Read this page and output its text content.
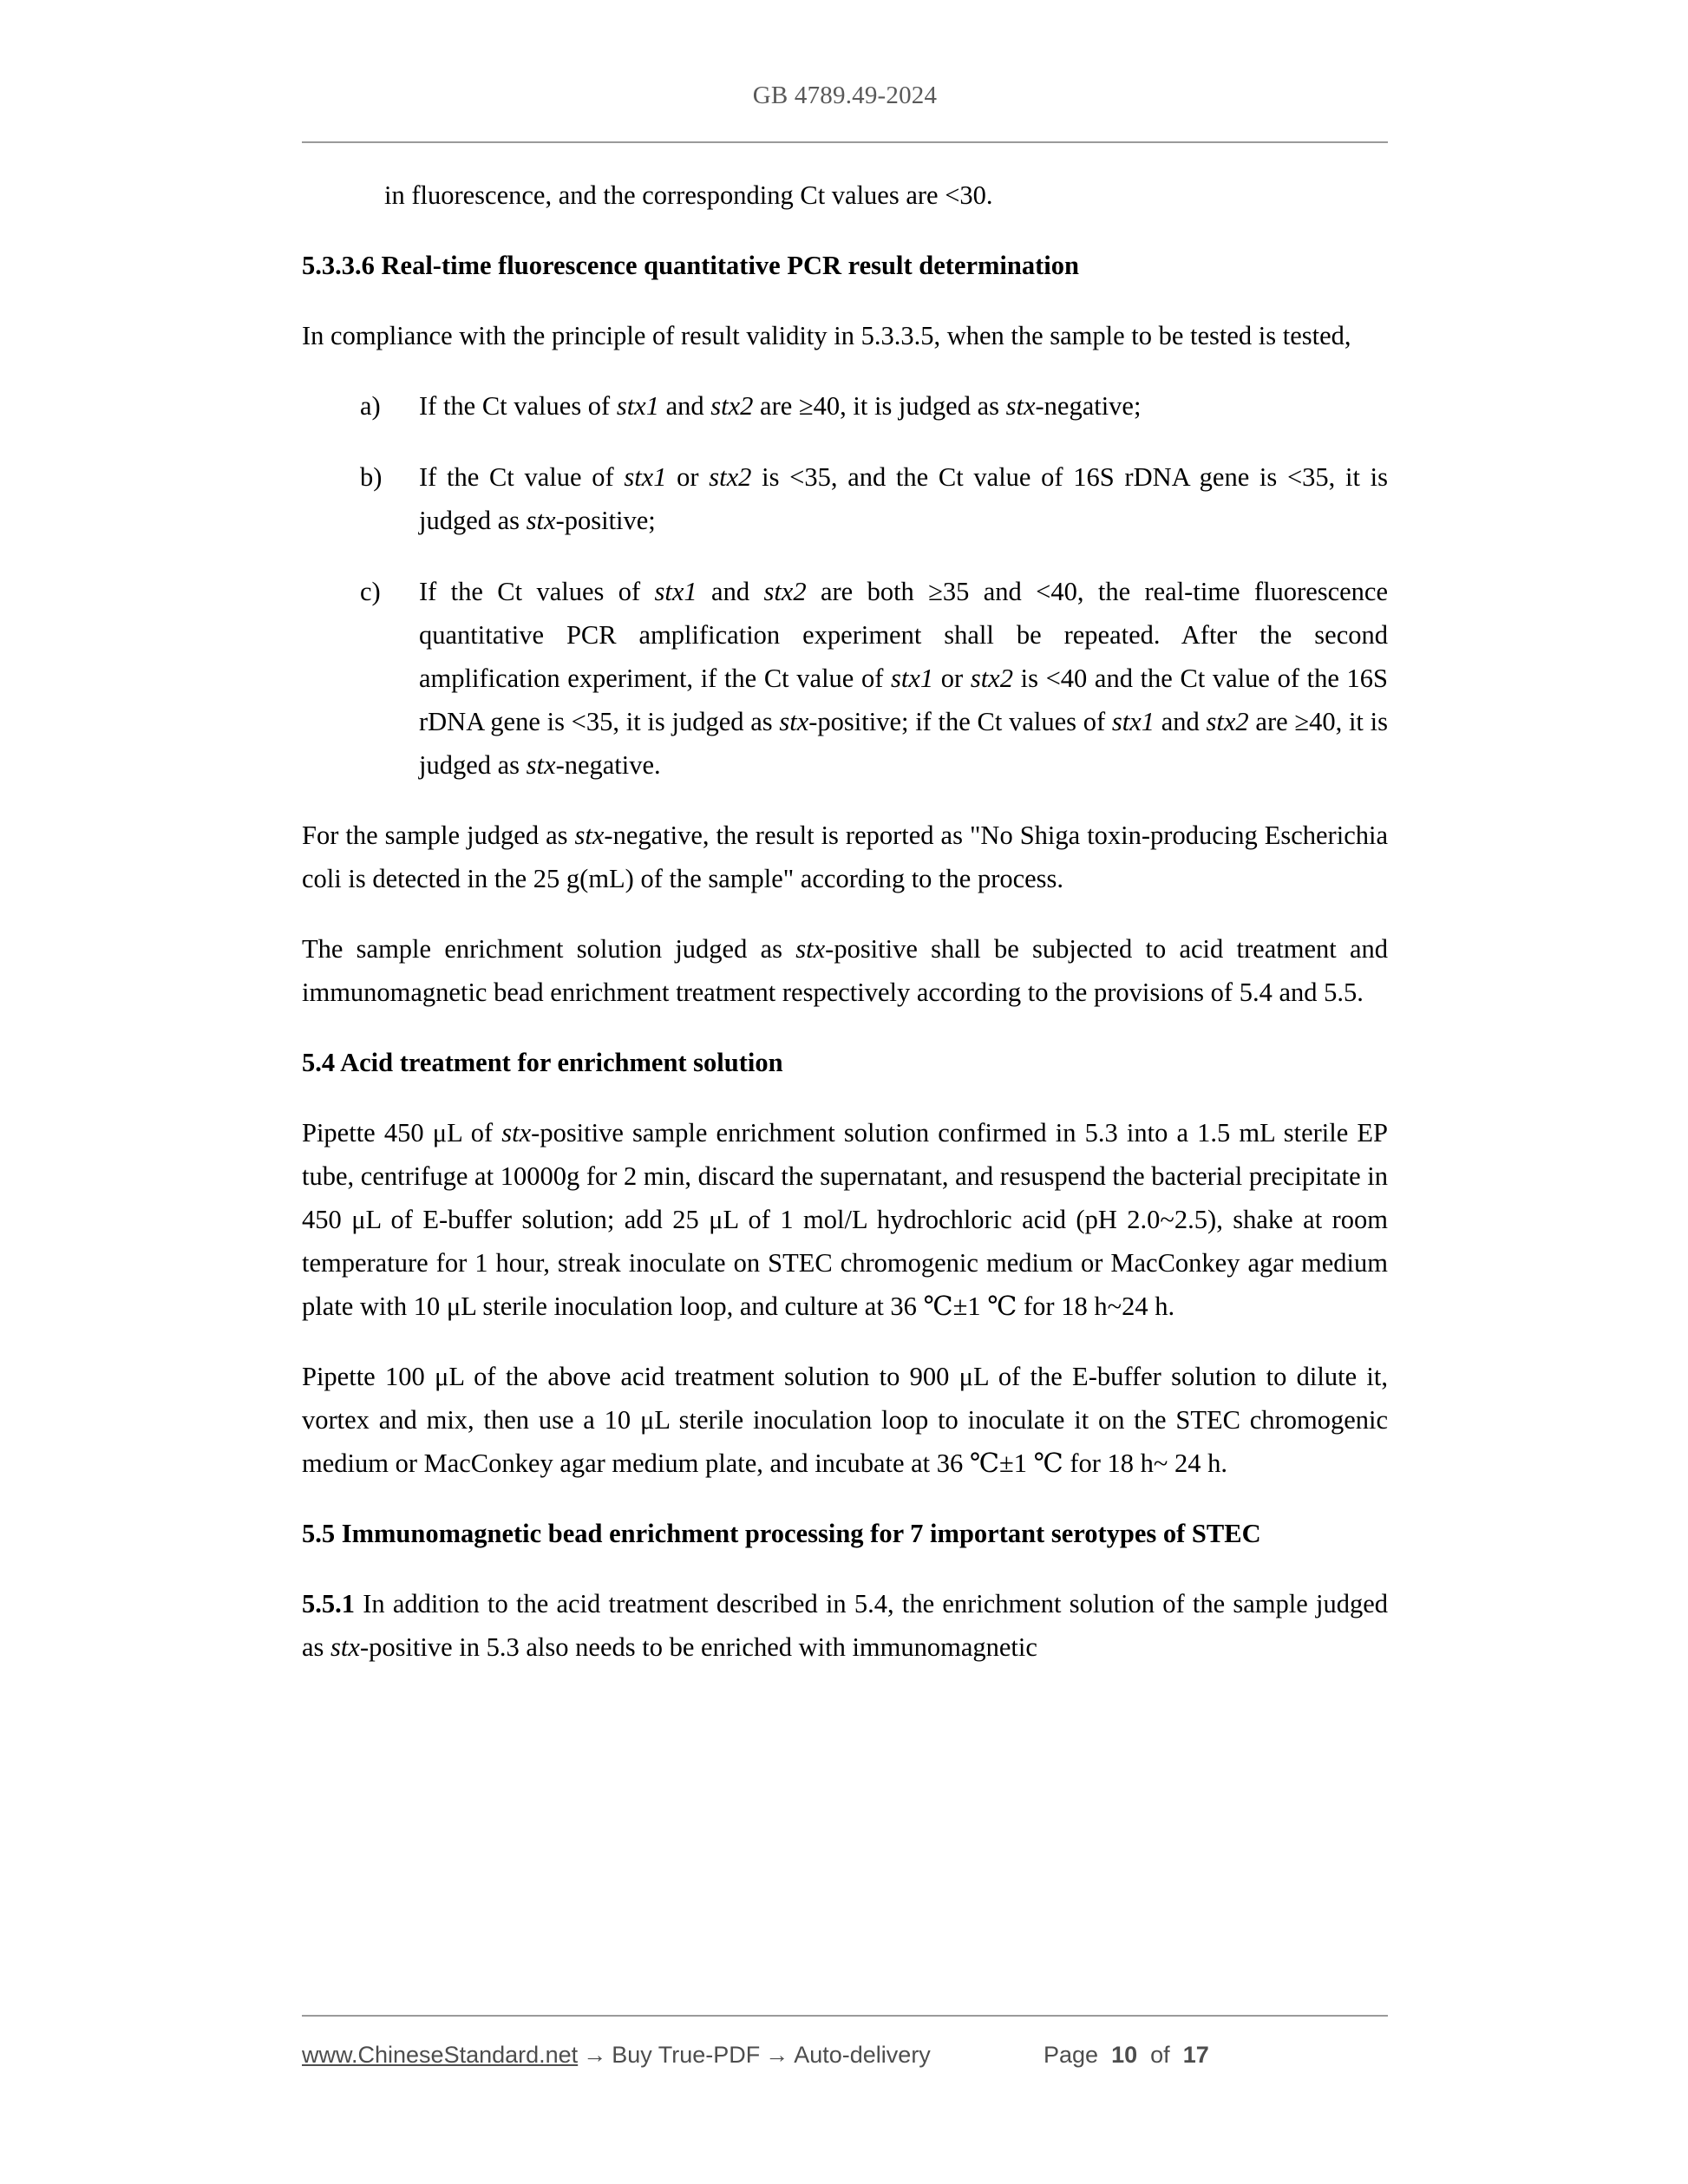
GB 4789.49-2024

in fluorescence, and the corresponding Ct values are <30.

5.3.3.6 Real-time fluorescence quantitative PCR result determination

In compliance with the principle of result validity in 5.3.3.5, when the sample to be tested is tested,

a)	If the Ct values of stx1 and stx2 are ≥40, it is judged as stx-negative;
b)	If the Ct value of stx1 or stx2 is <35, and the Ct value of 16S rDNA gene is <35, it is judged as stx-positive;
c)	If the Ct values of stx1 and stx2 are both ≥35 and <40, the real-time fluorescence quantitative PCR amplification experiment shall be repeated. After the second amplification experiment, if the Ct value of stx1 or stx2 is <40 and the Ct value of the 16S rDNA gene is <35, it is judged as stx-positive; if the Ct values of stx1 and stx2 are ≥40, it is judged as stx-negative.

For the sample judged as stx-negative, the result is reported as "No Shiga toxin-producing Escherichia coli is detected in the 25 g(mL) of the sample" according to the process.

The sample enrichment solution judged as stx-positive shall be subjected to acid treatment and immunomagnetic bead enrichment treatment respectively according to the provisions of 5.4 and 5.5.

5.4 Acid treatment for enrichment solution

Pipette 450 μL of stx-positive sample enrichment solution confirmed in 5.3 into a 1.5 mL sterile EP tube, centrifuge at 10000g for 2 min, discard the supernatant, and resuspend the bacterial precipitate in 450 μL of E-buffer solution; add 25 μL of 1 mol/L hydrochloric acid (pH 2.0~2.5), shake at room temperature for 1 hour, streak inoculate on STEC chromogenic medium or MacConkey agar medium plate with 10 μL sterile inoculation loop, and culture at 36 ℃±1 ℃ for 18 h~24 h.

Pipette 100 μL of the above acid treatment solution to 900 μL of the E-buffer solution to dilute it, vortex and mix, then use a 10 μL sterile inoculation loop to inoculate it on the STEC chromogenic medium or MacConkey agar medium plate, and incubate at 36 ℃±1 ℃ for 18 h~ 24 h.

5.5 Immunomagnetic bead enrichment processing for 7 important serotypes of STEC

5.5.1 In addition to the acid treatment described in 5.4, the enrichment solution of the sample judged as stx-positive in 5.3 also needs to be enriched with immunomagnetic

www.ChineseStandard.net → Buy True-PDF → Auto-delivery	Page
10
of
17
